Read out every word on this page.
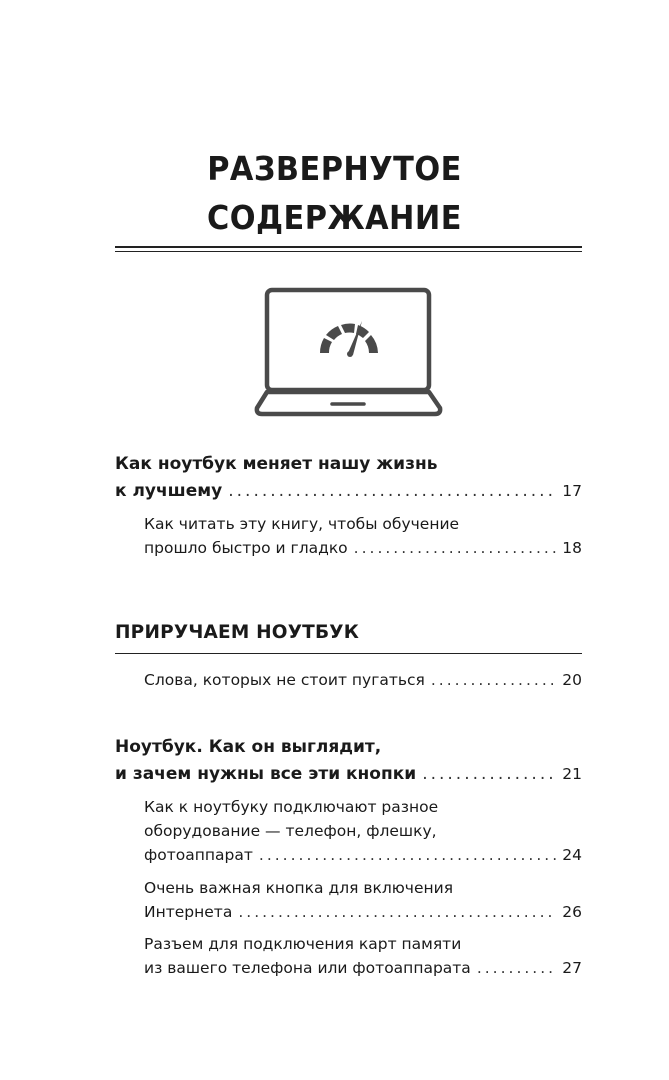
РАЗВЕРНУТОЕ
СОДЕРЖАНИЕ
Как ноутбук меняет нашу жизнь
к лучшему .....	17
Как читать эту книгу, чтобы обучение
прошло быстро и гладко .....	18
ПРИРУЧАЕМ НОУТБУК
Слова, которых не стоит пугаться .....	20
Ноутбук. Как он выглядит,
и зачем нужны все эти кнопки .....	21
Как к ноутбуку подключают разное
оборудование — телефон, флешку,
фотоаппарат .....	24
Очень важная кнопка для включения
Интернета .....	26
Разъем для подключения карт памяти
из вашего телефона или фотоаппарата .....	27
